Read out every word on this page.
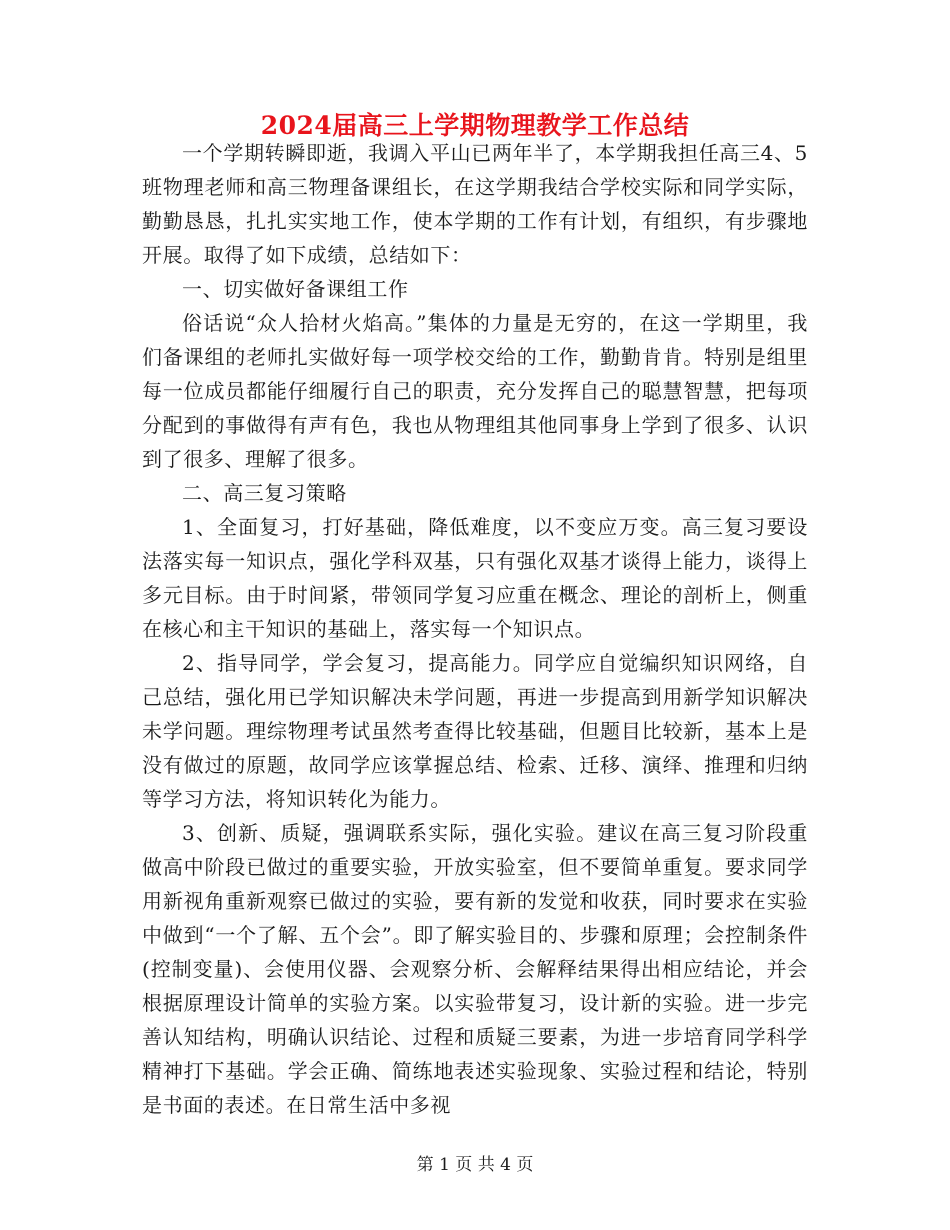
2024届高三上学期物理教学工作总结

一个学期转瞬即逝，我调入平山已两年半了，本学期我担任高三4、5班物理老师和高三物理备课组长，在这学期我结合学校实际和同学实际，勤勤恳恳，扎扎实实地工作，使本学期的工作有计划，有组织，有步骤地开展。取得了如下成绩，总结如下：

一、切实做好备课组工作

俗话说“众人拾材火焰高。”集体的力量是无穷的，在这一学期里，我们备课组的老师扎实做好每一项学校交给的工作，勤勤肯肯。特别是组里每一位成员都能仔细履行自己的职责，充分发挥自己的聪慧智慧，把每项分配到的事做得有声有色，我也从物理组其他同事身上学到了很多、认识到了很多、理解了很多。

二、高三复习策略

1、全面复习，打好基础，降低难度，以不变应万变。高三复习要设法落实每一知识点，强化学科双基，只有强化双基才谈得上能力，谈得上多元目标。由于时间紧，带领同学复习应重在概念、理论的剖析上，侧重在核心和主干知识的基础上，落实每一个知识点。

2、指导同学，学会复习，提高能力。同学应自觉编织知识网络，自己总结，强化用已学知识解决未学问题，再进一步提高到用新学知识解决未学问题。理综物理考试虽然考查得比较基础，但题目比较新，基本上是没有做过的原题，故同学应该掌握总结、检索、迁移、演绎、推理和归纳等学习方法，将知识转化为能力。

3、创新、质疑，强调联系实际，强化实验。建议在高三复习阶段重做高中阶段已做过的重要实验，开放实验室，但不要简单重复。要求同学用新视角重新观察已做过的实验，要有新的发觉和收获，同时要求在实验中做到“一个了解、五个会”。即了解实验目的、步骤和原理；会控制条件(控制变量)、会使用仪器、会观察分析、会解释结果得出相应结论，并会根据原理设计简单的实验方案。以实验带复习，设计新的实验。进一步完善认知结构，明确认识结论、过程和质疑三要素，为进一步培育同学科学精神打下基础。学会正确、简练地表述实验现象、实验过程和结论，特别是书面的表述。在日常生活中多视

第 1 页 共 4 页
